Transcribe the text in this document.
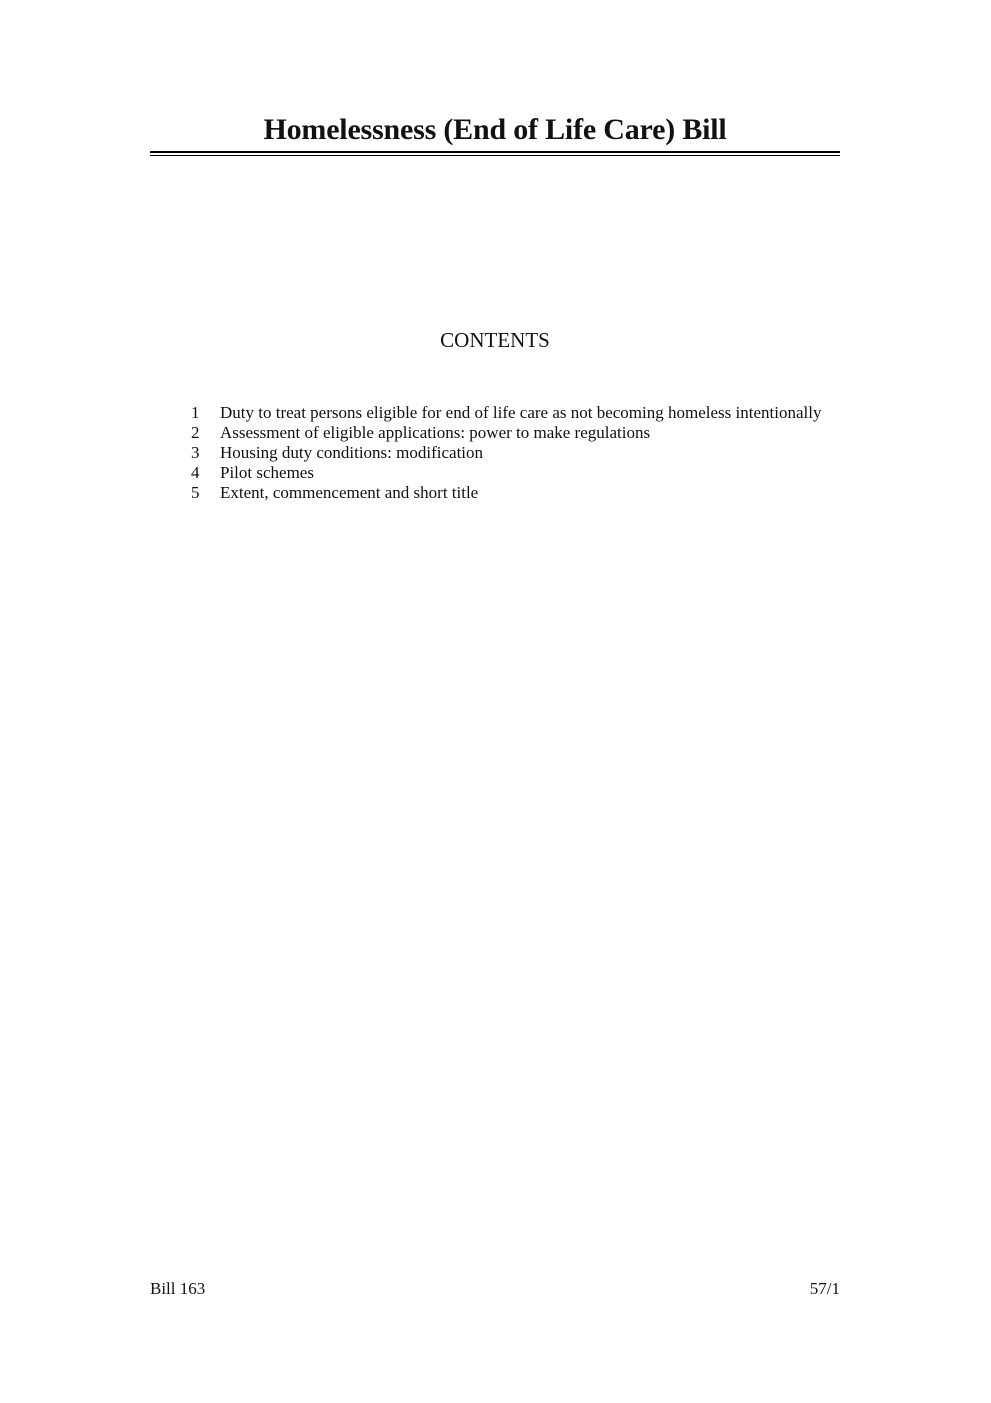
Homelessness (End of Life Care) Bill
CONTENTS
1	Duty to treat persons eligible for end of life care as not becoming homeless intentionally
2	Assessment of eligible applications: power to make regulations
3	Housing duty conditions: modification
4	Pilot schemes
5	Extent, commencement and short title
Bill 163	57/1
